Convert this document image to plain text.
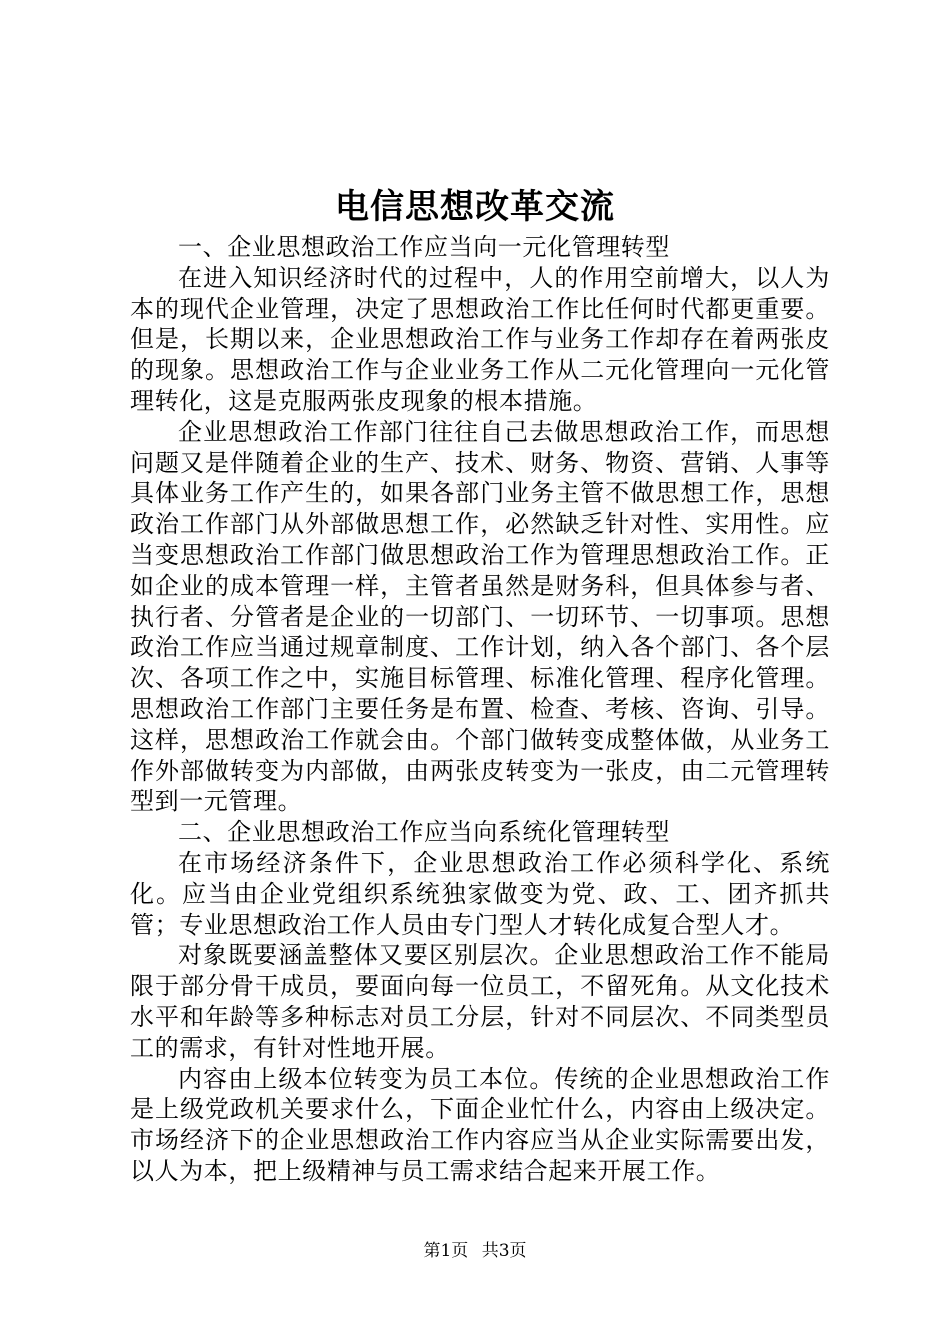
电信思想改革交流

一、企业思想政治工作应当向一元化管理转型

在进入知识经济时代的过程中，人的作用空前增大，以人为本的现代企业管理，决定了思想政治工作比任何时代都更重要。但是，长期以来，企业思想政治工作与业务工作却存在着两张皮的现象。思想政治工作与企业业务工作从二元化管理向一元化管理转化，这是克服两张皮现象的根本措施。

企业思想政治工作部门往往自己去做思想政治工作，而思想问题又是伴随着企业的生产、技术、财务、物资、营销、人事等具体业务工作产生的，如果各部门业务主管不做思想工作，思想政治工作部门从外部做思想工作，必然缺乏针对性、实用性。应当变思想政治工作部门做思想政治工作为管理思想政治工作。正如企业的成本管理一样，主管者虽然是财务科，但具体参与者、执行者、分管者是企业的一切部门、一切环节、一切事项。思想政治工作应当通过规章制度、工作计划，纳入各个部门、各个层次、各项工作之中，实施目标管理、标准化管理、程序化管理。思想政治工作部门主要任务是布置、检查、考核、咨询、引导。这样，思想政治工作就会由。个部门做转变成整体做，从业务工作外部做转变为内部做，由两张皮转变为一张皮，由二元管理转型到一元管理。

二、企业思想政治工作应当向系统化管理转型

在市场经济条件下，企业思想政治工作必须科学化、系统化。应当由企业党组织系统独家做变为党、政、工、团齐抓共管；专业思想政治工作人员由专门型人才转化成复合型人才。

对象既要涵盖整体又要区别层次。企业思想政治工作不能局限于部分骨干成员，要面向每一位员工，不留死角。从文化技术水平和年龄等多种标志对员工分层，针对不同层次、不同类型员工的需求，有针对性地开展。

内容由上级本位转变为员工本位。传统的企业思想政治工作是上级党政机关要求什么，下面企业忙什么，内容由上级决定。市场经济下的企业思想政治工作内容应当从企业实际需要出发，以人为本，把上级精神与员工需求结合起来开展工作。

第1页 共3页
